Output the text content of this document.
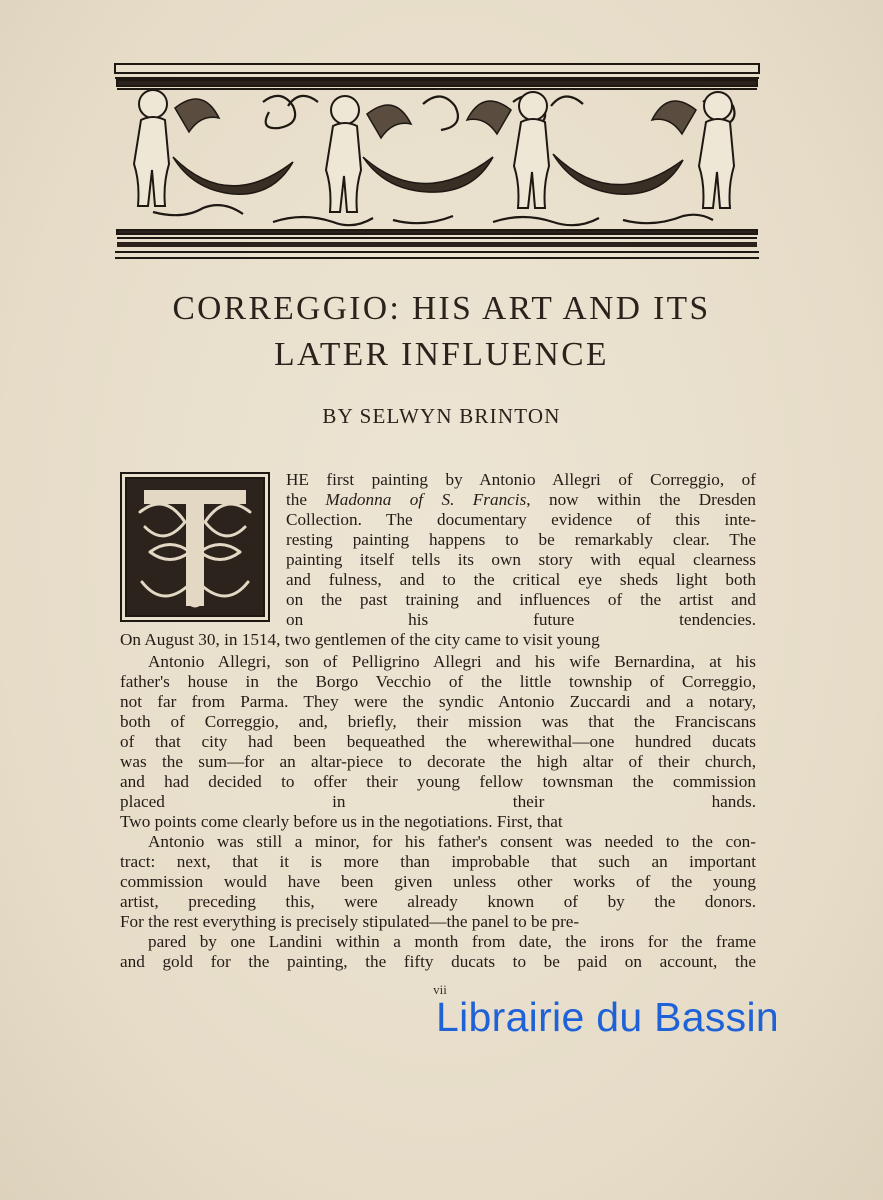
CORREGGIO: HIS ART AND ITS
LATER INFLUENCE
BY SELWYN BRINTON
HE first painting by Antonio Allegri of Correggio, of
the Madonna of S. Francis, now within the Dresden
Collection. The documentary evidence of this inte-
resting painting happens to be remarkably clear. The
painting itself tells its own story with equal clearness
and fulness, and to the critical eye sheds light both
on the past training and influences of the artist and
on his future tendencies.
On August 30, in 1514, two gentlemen of the city came to visit young
Antonio Allegri, son of Pelligrino Allegri and his wife Bernardina, at his
father's house in the Borgo Vecchio of the little township of Correggio,
not far from Parma. They were the syndic Antonio Zuccardi and a notary,
both of Correggio, and, briefly, their mission was that the Franciscans
of that city had been bequeathed the wherewithal—one hundred ducats
was the sum—for an altar-piece to decorate the high altar of their church,
and had decided to offer their young fellow townsman the commission
placed in their hands.
Two points come clearly before us in the negotiations. First, that
Antonio was still a minor, for his father's consent was needed to the con-
tract: next, that it is more than improbable that such an important
commission would have been given unless other works of the young
artist, preceding this, were already known of by the donors.
For the rest everything is precisely stipulated—the panel to be pre-
pared by one Landini within a month from date, the irons for the frame
and gold for the painting, the fifty ducats to be paid on account, the
vii
Librairie du Bassin
